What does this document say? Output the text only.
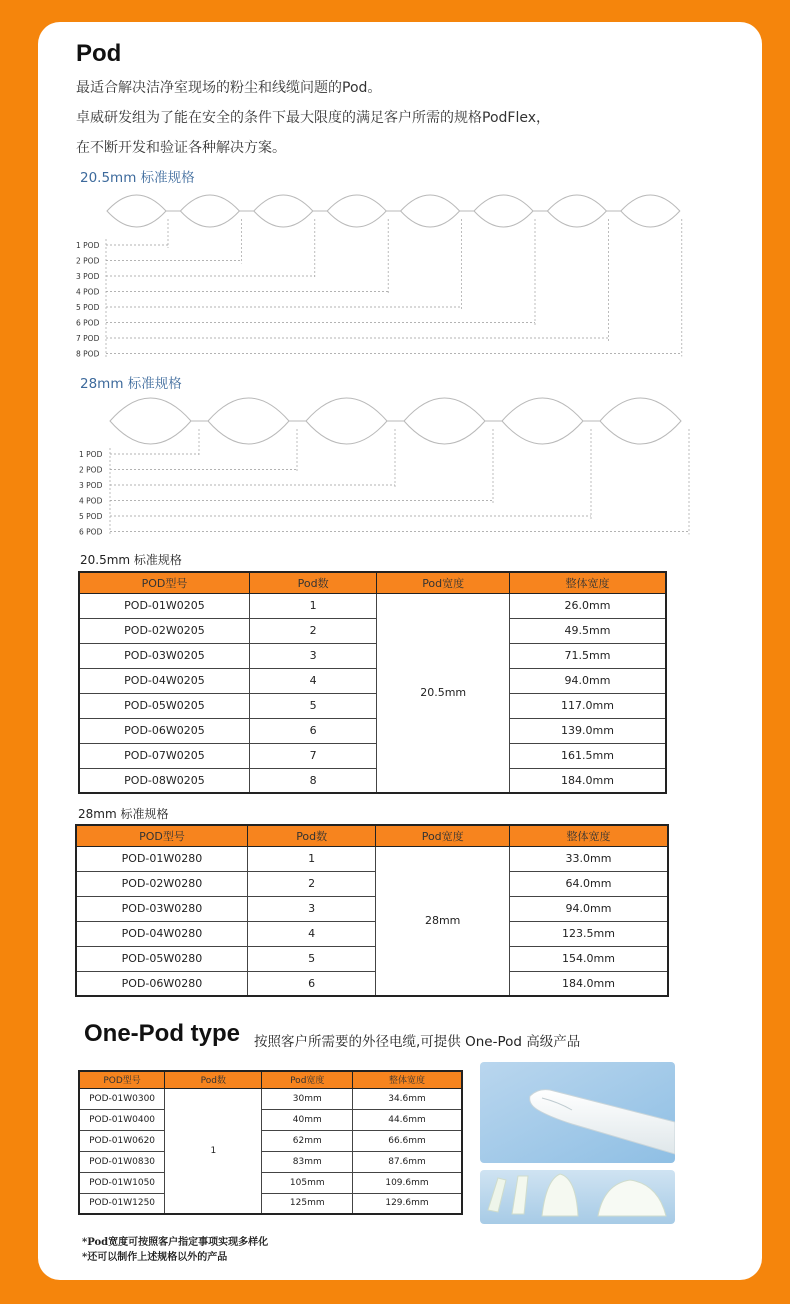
Pod
最适合解决洁净室现场的粉尘和线缆问题的Pod。
卓威研发组为了能在安全的条件下最大限度的满足客户所需的规格PodFlex，
在不断开发和验证各种解决方案。
20.5mm 标准规格
1 POD
2 POD
3 POD
4 POD
5 POD
6 POD
7 POD
8 POD
28mm 标准规格
1 POD
2 POD
3 POD
4 POD
5 POD
6 POD
20.5mm 标准规格
POD型号	Pod数	Pod宽度	整体宽度
POD-01W0205	1	20.5mm	26.0mm
POD-02W0205	2		49.5mm
POD-03W0205	3		71.5mm
POD-04W0205	4		94.0mm
POD-05W0205	5		117.0mm
POD-06W0205	6		139.0mm
POD-07W0205	7		161.5mm
POD-08W0205	8		184.0mm
28mm 标准规格
POD型号	Pod数	Pod宽度	整体宽度
POD-01W0280	1	28mm	33.0mm
POD-02W0280	2		64.0mm
POD-03W0280	3		94.0mm
POD-04W0280	4		123.5mm
POD-05W0280	5		154.0mm
POD-06W0280	6		184.0mm
One-Pod type 按照客户所需要的外径电缆,可提供 One-Pod 高级产品
POD型号	Pod数	Pod宽度	整体宽度
POD-01W0300	1	30mm	34.6mm
POD-01W0400		40mm	44.6mm
POD-01W0620		62mm	66.6mm
POD-01W0830		83mm	87.6mm
POD-01W1050		105mm	109.6mm
POD-01W1250		125mm	129.6mm
*Pod宽度可按照客户指定事项实现多样化
*还可以制作上述规格以外的产品
